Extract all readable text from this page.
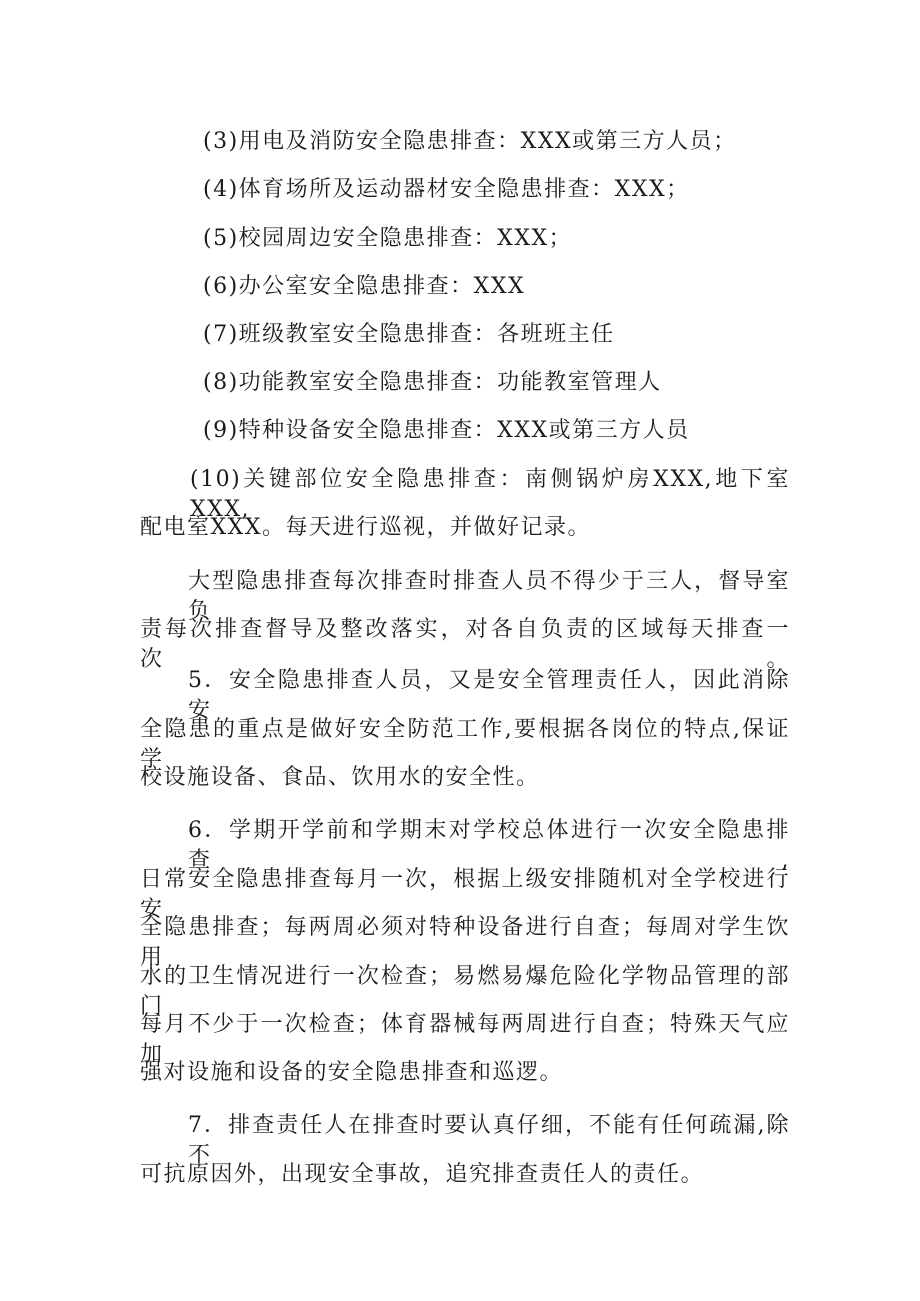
(3)用电及消防安全隐患排查：XXX或第三方人员；
(4)体育场所及运动器材安全隐患排查：XXX；
(5)校园周边安全隐患排查：XXX；
(6)办公室安全隐患排查：XXX
(7)班级教室安全隐患排查：各班班主任
(8)功能教室安全隐患排查：功能教室管理人
(9)特种设备安全隐患排查：XXX或第三方人员
(10)关键部位安全隐患排查：南侧锅炉房XXX,地下室XXX,
配电室XXX。每天进行巡视，并做好记录。
大型隐患排查每次排查时排查人员不得少于三人，督导室负
责每次排查督导及整改落实，对各自负责的区域每天排查一次。
5．安全隐患排查人员，又是安全管理责任人，因此消除安
全隐患的重点是做好安全防范工作,要根据各岗位的特点,保证学
校设施设备、食品、饮用水的安全性。
6．学期开学前和学期末对学校总体进行一次安全隐患排查,
日常安全隐患排查每月一次，根据上级安排随机对全学校进行安
全隐患排查；每两周必须对特种设备进行自查；每周对学生饮用
水的卫生情况进行一次检查；易燃易爆危险化学物品管理的部门
每月不少于一次检查；体育器械每两周进行自查；特殊天气应加
强对设施和设备的安全隐患排查和巡逻。
7．排查责任人在排查时要认真仔细，不能有任何疏漏,除不
可抗原因外，出现安全事故，追究排查责任人的责任。
